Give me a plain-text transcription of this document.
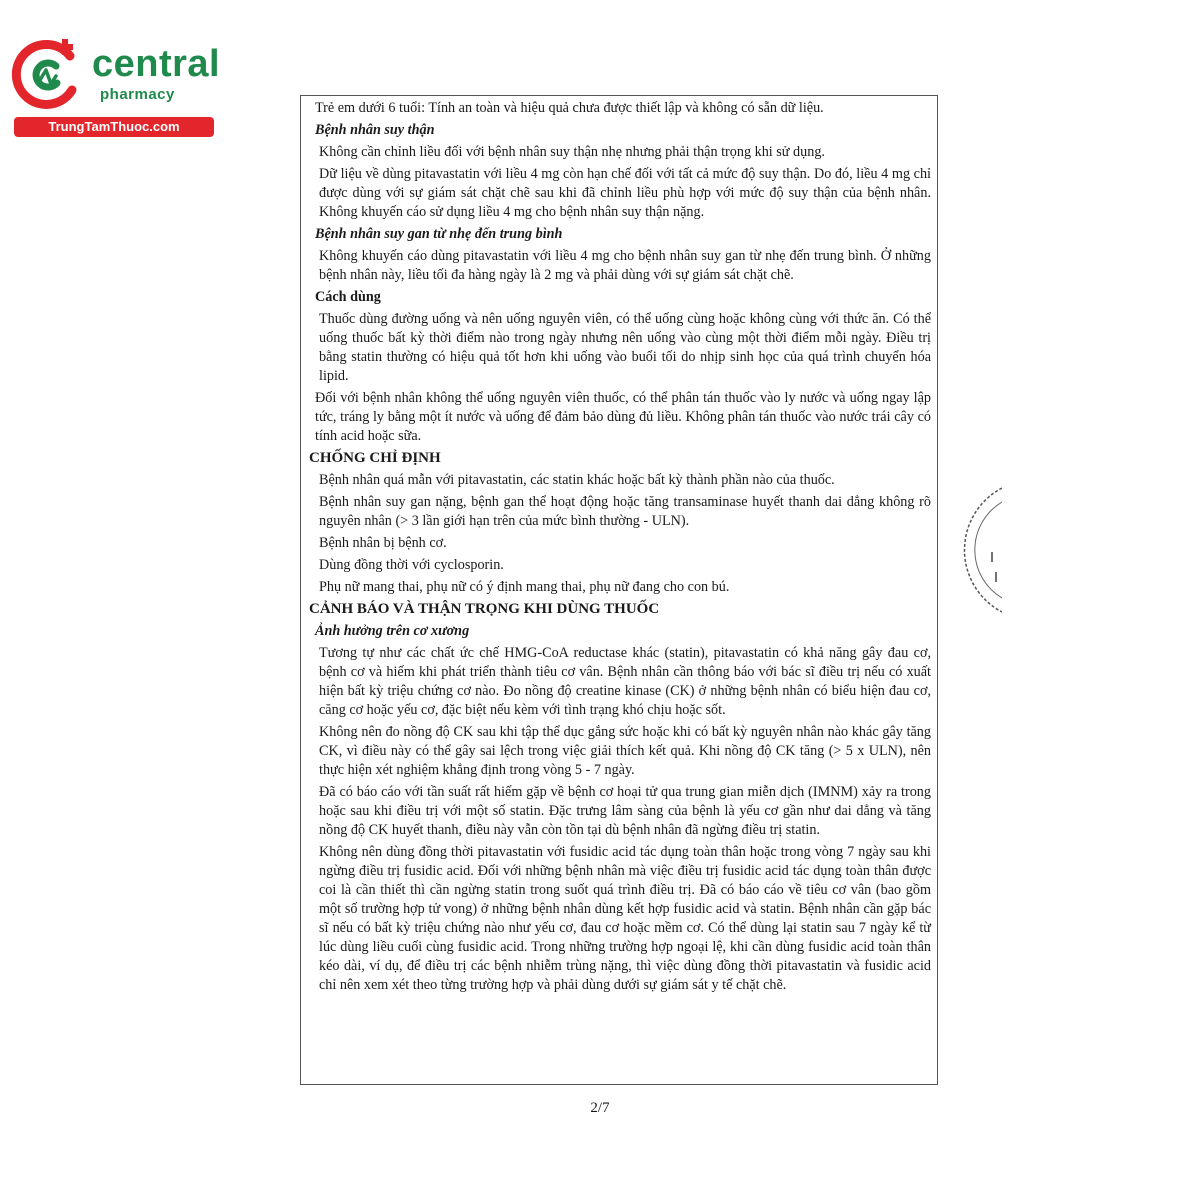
central
pharmacy
TrungTamThuoc.com

Trẻ em dưới 6 tuổi: Tính an toàn và hiệu quả chưa được thiết lập và không có sẵn dữ liệu.

Bệnh nhân suy thận

Không cần chỉnh liều đối với bệnh nhân suy thận nhẹ nhưng phải thận trọng khi sử dụng.

Dữ liệu về dùng pitavastatin với liều 4 mg còn hạn chế đối với tất cả mức độ suy thận. Do đó, liều 4 mg chỉ được dùng với sự giám sát chặt chẽ sau khi đã chỉnh liều phù hợp với mức độ suy thận của bệnh nhân. Không khuyến cáo sử dụng liều 4 mg cho bệnh nhân suy thận nặng.

Bệnh nhân suy gan từ nhẹ đến trung bình

Không khuyến cáo dùng pitavastatin với liều 4 mg cho bệnh nhân suy gan từ nhẹ đến trung bình. Ở những bệnh nhân này, liều tối đa hàng ngày là 2 mg và phải dùng với sự giám sát chặt chẽ.

Cách dùng

Thuốc dùng đường uống và nên uống nguyên viên, có thể uống cùng hoặc không cùng với thức ăn. Có thể uống thuốc bất kỳ thời điểm nào trong ngày nhưng nên uống vào cùng một thời điểm mỗi ngày. Điều trị bằng statin thường có hiệu quả tốt hơn khi uống vào buổi tối do nhịp sinh học của quá trình chuyển hóa lipid.

Đối với bệnh nhân không thể uống nguyên viên thuốc, có thể phân tán thuốc vào ly nước và uống ngay lập tức, tráng ly bằng một ít nước và uống để đảm bảo dùng đủ liều. Không phân tán thuốc vào nước trái cây có tính acid hoặc sữa.

CHỐNG CHỈ ĐỊNH

Bệnh nhân quá mẫn với pitavastatin, các statin khác hoặc bất kỳ thành phần nào của thuốc.

Bệnh nhân suy gan nặng, bệnh gan thể hoạt động hoặc tăng transaminase huyết thanh dai dẳng không rõ nguyên nhân (> 3 lần giới hạn trên của mức bình thường - ULN).

Bệnh nhân bị bệnh cơ.

Dùng đồng thời với cyclosporin.

Phụ nữ mang thai, phụ nữ có ý định mang thai, phụ nữ đang cho con bú.

CẢNH BÁO VÀ THẬN TRỌNG KHI DÙNG THUỐC

Ảnh hưởng trên cơ xương

Tương tự như các chất ức chế HMG-CoA reductase khác (statin), pitavastatin có khả năng gây đau cơ, bệnh cơ và hiếm khi phát triển thành tiêu cơ vân. Bệnh nhân cần thông báo với bác sĩ điều trị nếu có xuất hiện bất kỳ triệu chứng cơ nào. Đo nồng độ creatine kinase (CK) ở những bệnh nhân có biểu hiện đau cơ, căng cơ hoặc yếu cơ, đặc biệt nếu kèm với tình trạng khó chịu hoặc sốt.

Không nên đo nồng độ CK sau khi tập thể dục gắng sức hoặc khi có bất kỳ nguyên nhân nào khác gây tăng CK, vì điều này có thể gây sai lệch trong việc giải thích kết quả. Khi nồng độ CK tăng (> 5 x ULN), nên thực hiện xét nghiệm khẳng định trong vòng 5 - 7 ngày.

Đã có báo cáo với tần suất rất hiếm gặp về bệnh cơ hoại tử qua trung gian miễn dịch (IMNM) xảy ra trong hoặc sau khi điều trị với một số statin. Đặc trưng lâm sàng của bệnh là yếu cơ gần như dai dẳng và tăng nồng độ CK huyết thanh, điều này vẫn còn tồn tại dù bệnh nhân đã ngừng điều trị statin.

Không nên dùng đồng thời pitavastatin với fusidic acid tác dụng toàn thân hoặc trong vòng 7 ngày sau khi ngừng điều trị fusidic acid. Đối với những bệnh nhân mà việc điều trị fusidic acid tác dụng toàn thân được coi là cần thiết thì cần ngừng statin trong suốt quá trình điều trị. Đã có báo cáo về tiêu cơ vân (bao gồm một số trường hợp tử vong) ở những bệnh nhân dùng kết hợp fusidic acid và statin. Bệnh nhân cần gặp bác sĩ nếu có bất kỳ triệu chứng nào như yếu cơ, đau cơ hoặc mềm cơ. Có thể dùng lại statin sau 7 ngày kể từ lúc dùng liều cuối cùng fusidic acid. Trong những trường hợp ngoại lệ, khi cần dùng fusidic acid toàn thân kéo dài, ví dụ, để điều trị các bệnh nhiễm trùng nặng, thì việc dùng đồng thời pitavastatin và fusidic acid chỉ nên xem xét theo từng trường hợp và phải dùng dưới sự giám sát y tế chặt chẽ.

2/7
